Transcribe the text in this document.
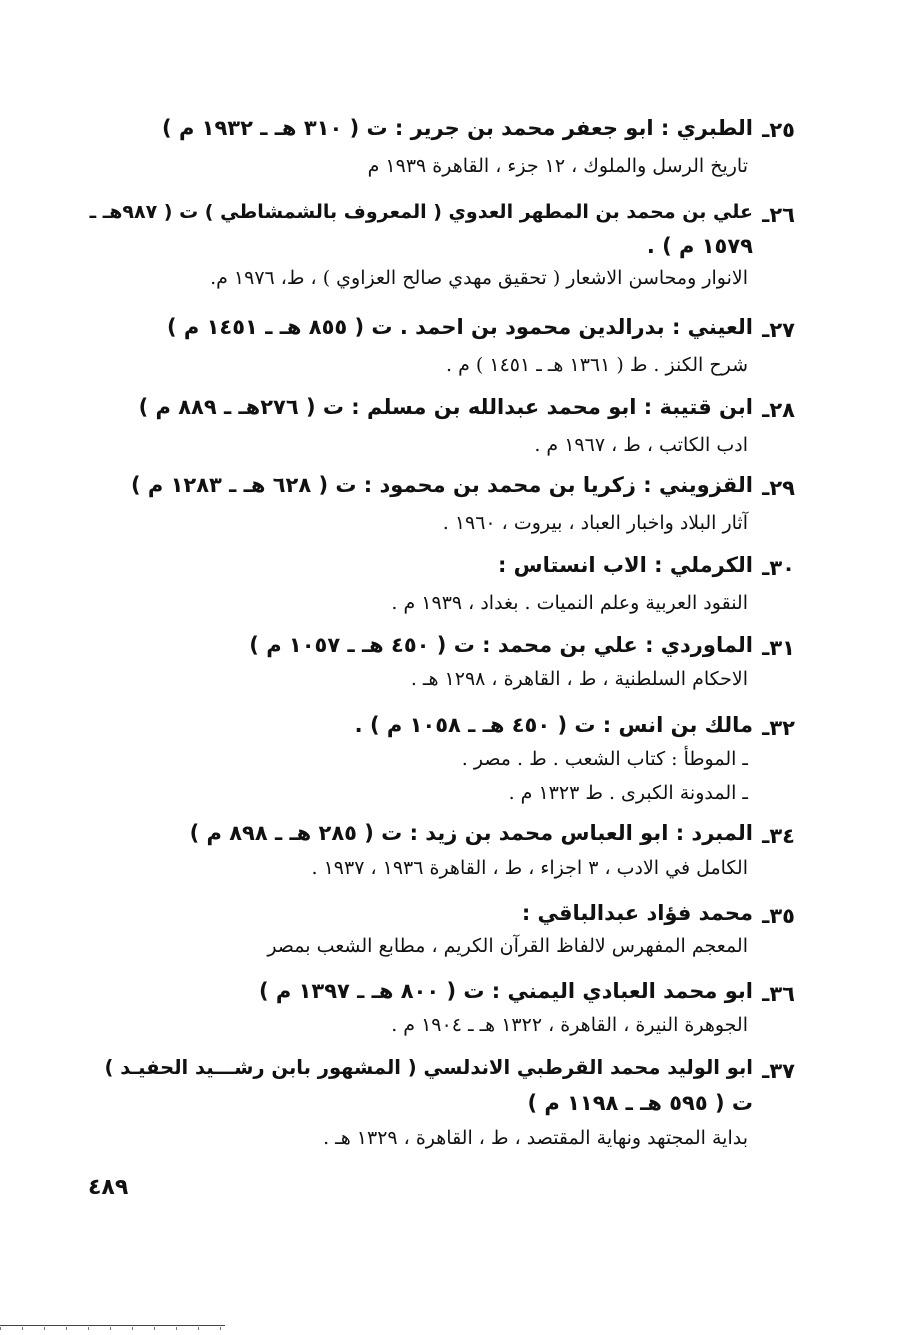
٢٥ـ
الطبري : ابو جعفر محمد بن جرير : ت ( ٣١٠ هـ ـ ١٩٣٢ م )
تاريخ الرسل والملوك ، ١٢ جزء ، القاهرة ١٩٣٩ م
٢٦ـ
علي بن محمد بن المطهر العدوي ( المعروف بالشمشاطي ) ت ( ٩٨٧هـ ـ
١٥٧٩ م ) .
الانوار ومحاسن الاشعار ( تحقيق مهدي صالح العزاوي ) ، ط، ١٩٧٦ م.
٢٧ـ
العيني : بدرالدين محمود بن احمد . ت ( ٨٥٥ هـ ـ ١٤٥١ م )
شرح الكنز . ط ( ١٣٦١ هـ ـ ١٤٥١ ) م .
٢٨ـ
ابن قتيبة : ابو محمد عبدالله بن مسلم : ت ( ٢٧٦هـ ـ ٨٨٩ م )
ادب الكاتب ، ط ، ١٩٦٧ م .
٢٩ـ
القزويني : زكريا بن محمد بن محمود : ت ( ٦٢٨ هـ ـ ١٢٨٣ م )
آثار البلاد واخبار العباد ، بيروت ، ١٩٦٠ .
٣٠ـ
الكرملي : الاب انستاس :
النقود العربية وعلم النميات . بغداد ، ١٩٣٩ م .
٣١ـ
الماوردي : علي بن محمد : ت ( ٤٥٠ هـ ـ ١٠٥٧ م )
الاحكام السلطنية ، ط ، القاهرة ، ١٢٩٨ هـ .
٣٢ـ
مالك بن انس : ت ( ٤٥٠ هـ ـ ١٠٥٨ م ) .
ـ الموطأ : كتاب الشعب . ط . مصر .
ـ المدونة الكبرى . ط ١٣٢٣ م .
٣٤ـ
المبرد : ابو العباس محمد بن زيد : ت ( ٢٨٥ هـ ـ ٨٩٨ م )
الكامل في الادب ، ٣ اجزاء ، ط ، القاهرة ١٩٣٦ ، ١٩٣٧ .
٣٥ـ
محمد فؤاد عبدالباقي :
المعجم المفهرس لالفاظ القرآن الكريم ، مطابع الشعب بمصر
٣٦ـ
ابو محمد العبادي اليمني : ت ( ٨٠٠ هـ ـ ١٣٩٧ م )
الجوهرة النيرة ، القاهرة ، ١٣٢٢ هـ ـ ١٩٠٤ م .
٣٧ـ
ابو الوليد محمد القرطبي الاندلسي ( المشهور بابن رشـــيد الحفيـد )
ت ( ٥٩٥ هـ ـ ١١٩٨ م )
بداية المجتهد ونهاية المقتصد ، ط ، القاهرة ، ١٣٢٩ هـ .
٤٨٩
